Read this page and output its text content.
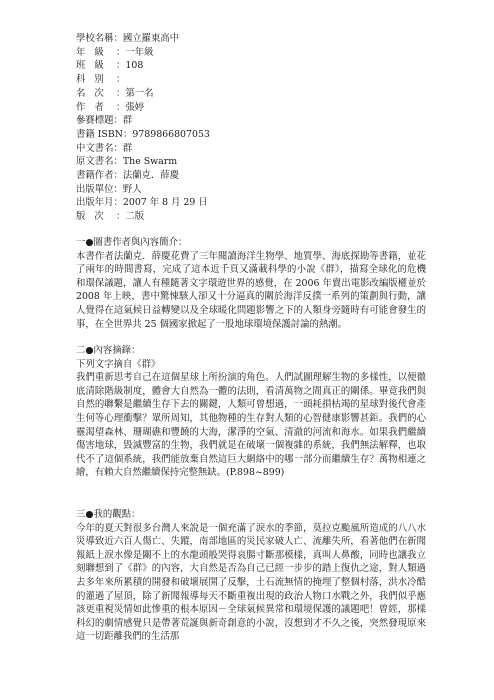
學校名稱 ： 國立羅東高中
年級 ： 一年級
班級 ： 108
科別 ：
名次 ： 第一名
作者 ： 張婷
參賽標題 ： 群
書籍 ISBN ： 9789866807053
中文書名 ： 群
原文書名 ： The Swarm
書籍作者 ： 法蘭克．薛慶
出版單位 ： 野人
出版年月 ： 2007 年 8 月 29 日
版次 ： 二版
一●圖書作者與內容簡介：
本書作者法蘭克．薛慶花費了三年閱讀海洋生物學、地質學、海底探勘等書籍，並花了兩年的時間書寫，完成了這本近千頁又滿載科學的小說《群》，描寫全球化的危機和環保議題，讓人有種隨著文字環遊世界的感覺，在 2006 年賣出電影改編版權並於 2008 年上映，書中驚悚駭人卻又十分逼真的關於海洋反撲一系列的策劃與行動，讓人覺得在這氣候日益轉變以及全球暖化問題影響之下的人類身旁隨時有可能會發生的事，在全世界共 25 個國家掀起了一股地球環境保護討論的熱潮。
二●內容摘錄：
下列文字摘自《群》
我們重新思考自己在這個星球上所扮演的角色。人們試圖理解生物的多樣性，以便徹底清除階級制度，體會大自然為一體的法則，看清萬物之間真正的關係。畢竟我們與自然的聯繫是繼續生存下去的關鍵，人類可曾想過，一頭耗損枯竭的星球對後代會產生何等心理衝擊？眾所周知，其他物種的生存對人類的心智健康影響甚鉅。我們的心靈渴望森林、珊瑚礁和豐饒的大海，潔淨的空氣、清澈的河流和海水。如果我們繼續傷害地球，毀滅豐富的生物，我們就是在破壞一個複雜的系統，我們無法解釋，也取代不了這個系統，我們能放棄自然這巨大網絡中的哪一部分而繼續生存？萬物相連之繪，有賴大自然繼續保持完整無缺。(P.898~899)
三●我的觀點：
今年的夏天對很多台灣人來說是一個充滿了淚水的季節，莫拉克颱風所造成的八八水災導致近六百人傷亡、失蹤，南部地區的災民家破人亡、流離失所，看著他們在新聞報紙上淚水像是關不上的水龍頭般哭得哀腸寸斷那模樣，真叫人鼻酸，同時也讓我立刻聯想到了《群》的內容，大自然是否為自己已經一步步的踏上復仇之途，對人類過去多年來所累積的開發和破壞展開了反擊，土石流無情的掩埋了整個村落，洪水冷酷的灌過了屋頂，除了新聞報導每天不斷重複出現的政治人物口水戰之外，我們似乎應該更重視災情如此慘重的根本原因－全球氣候異常和環境保護的議題吧！曾經，那樣科幻的劇情感覺只是帶著荒誕與新奇創意的小說，沒想到才不久之後，突然發現原來這一切距離我們的生活那
